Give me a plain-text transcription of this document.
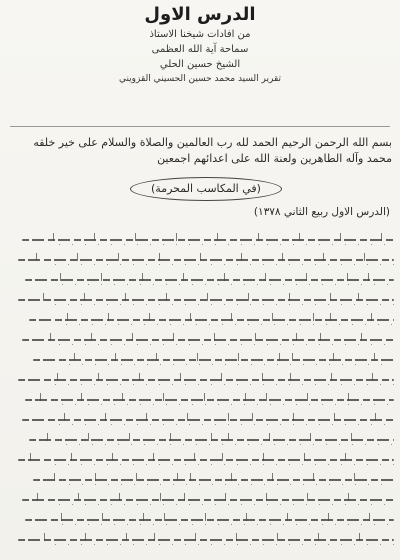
الدرس الاول
من افادات شيخنا الاستاذ
سماحة آية الله العظمى
الشيخ حسين الحلي
تقرير السيد محمد حسين الحسيني القزويني
بسم الله الرحمن الرحيم الحمد لله رب العالمين والصلاة والسلام على خير خلقه محمد وآله الطاهرين ولعنة الله على اعدائهم اجمعين
(في المكاسب المحرمة)
(الدرس الاول ربيع الثاني ١٣٧٨)
